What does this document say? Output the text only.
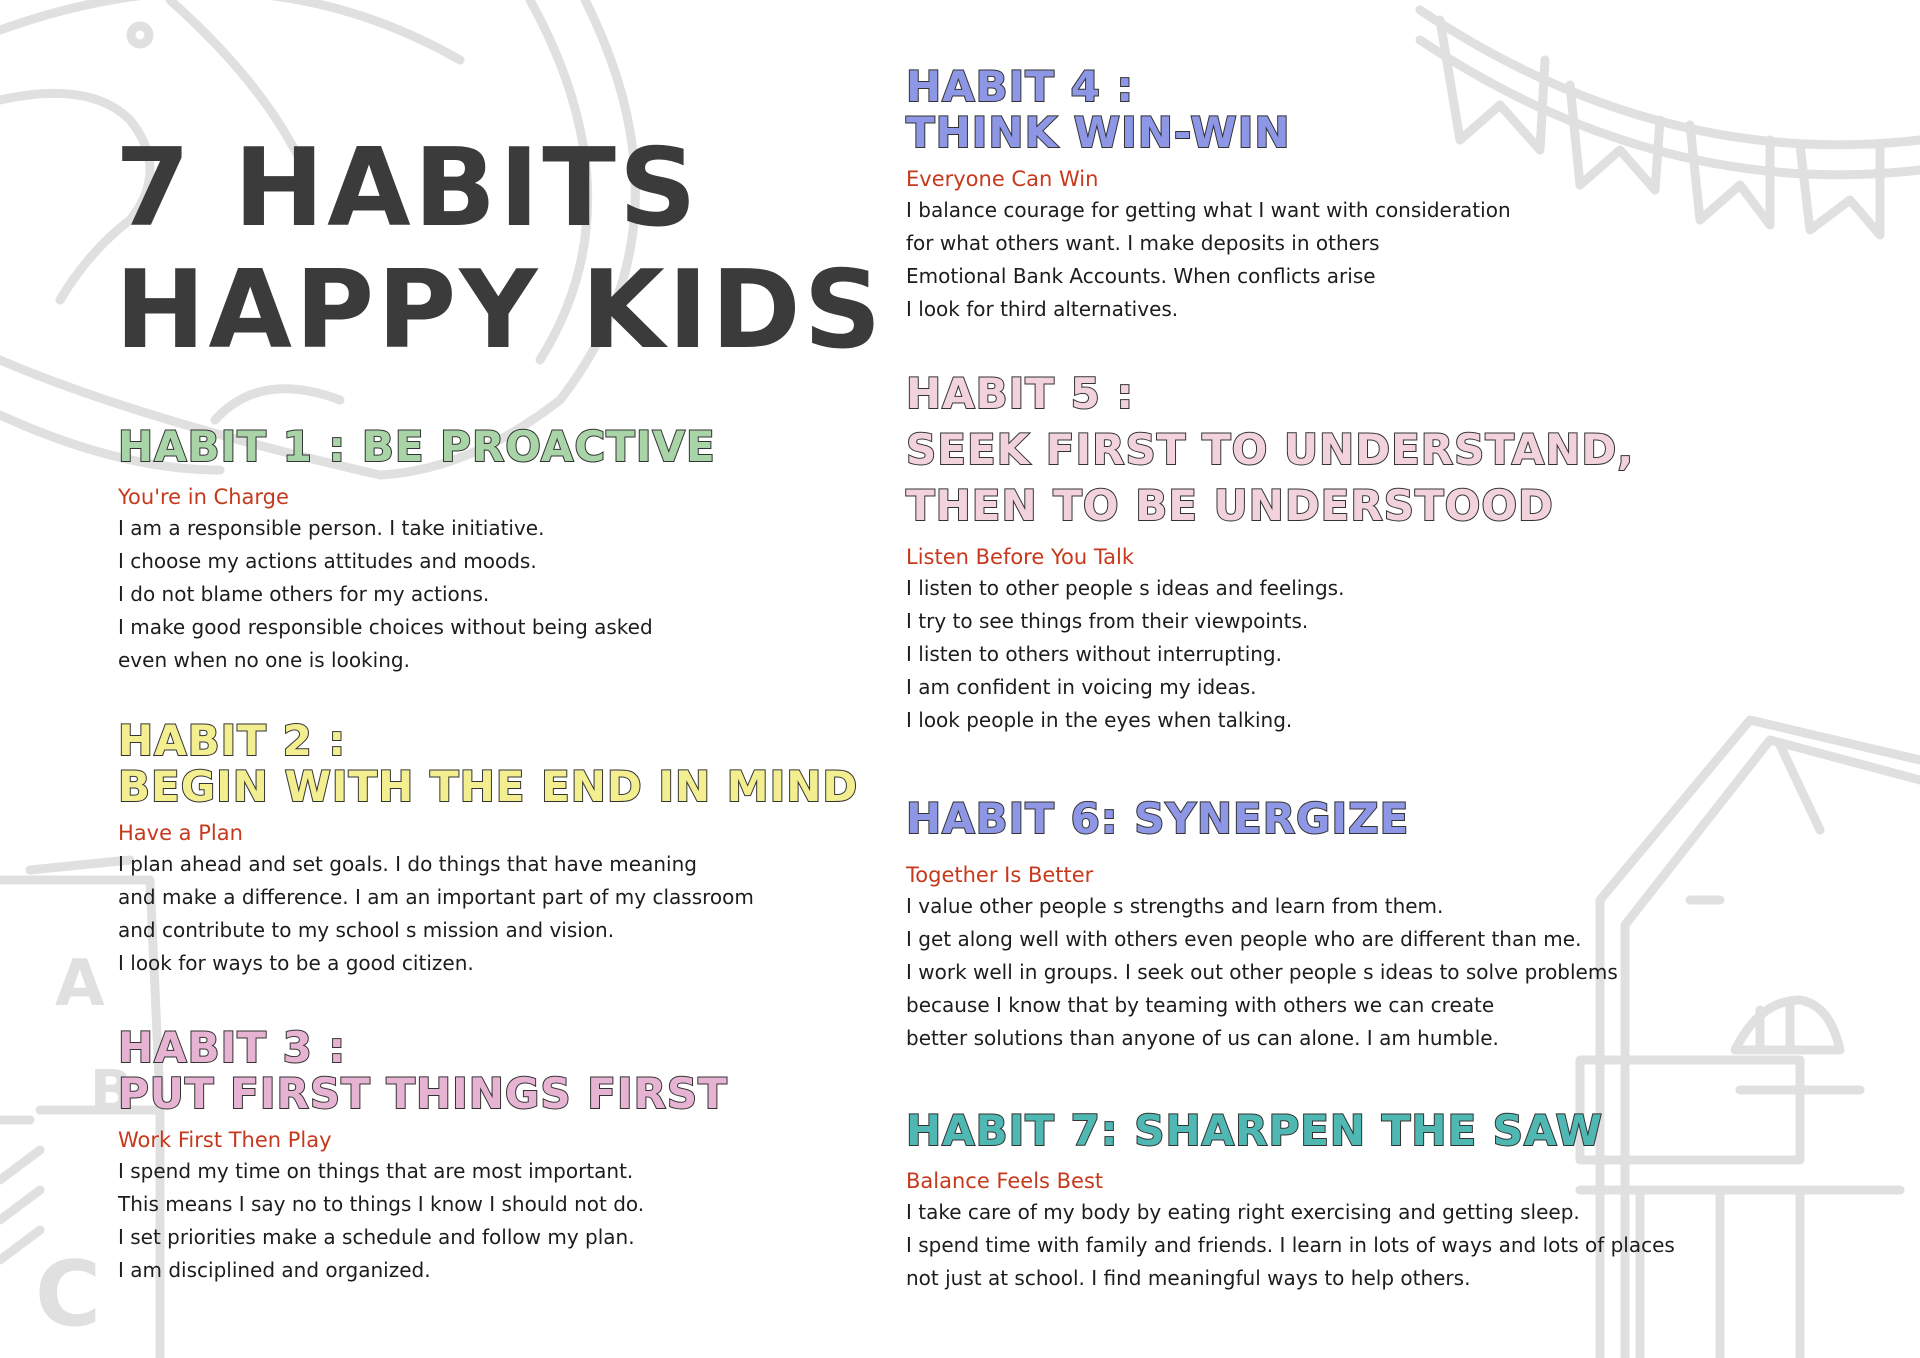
A
B
C
7 HABITS
HAPPY KIDS
HABIT 1 : BE PROACTIVE
You're in Charge
I am a responsible person. I take initiative.
I choose my actions attitudes and moods.
I do not blame others for my actions.
I make good responsible choices without being asked
even when no one is looking.
HABIT 2 :
BEGIN WITH THE END IN MIND
Have a Plan
I plan ahead and set goals. I do things that have meaning
and make a difference. I am an important part of my classroom
and contribute to my school s mission and vision.
I look for ways to be a good citizen.
HABIT 3 :
PUT FIRST THINGS FIRST
Work First Then Play
I spend my time on things that are most important.
This means I say no to things I know I should not do.
I set priorities make a schedule and follow my plan.
I am disciplined and organized.
HABIT 4 :
THINK WIN-WIN
Everyone Can Win
I balance courage for getting what I want with consideration
for what others want. I make deposits in others
Emotional Bank Accounts. When conflicts arise
I look for third alternatives.
HABIT 5 :
SEEK FIRST TO UNDERSTAND,
THEN TO BE UNDERSTOOD
Listen Before You Talk
I listen to other people s ideas and feelings.
I try to see things from their viewpoints.
I listen to others without interrupting.
I am confident in voicing my ideas.
I look people in the eyes when talking.
HABIT 6: SYNERGIZE
Together Is Better
I value other people s strengths and learn from them.
I get along well with others even people who are different than me.
I work well in groups. I seek out other people s ideas to solve problems
because I know that by teaming with others we can create
better solutions than anyone of us can alone. I am humble.
HABIT 7: SHARPEN THE SAW
Balance Feels Best
I take care of my body by eating right exercising and getting sleep.
I spend time with family and friends. I learn in lots of ways and lots of places
not just at school. I find meaningful ways to help others.
